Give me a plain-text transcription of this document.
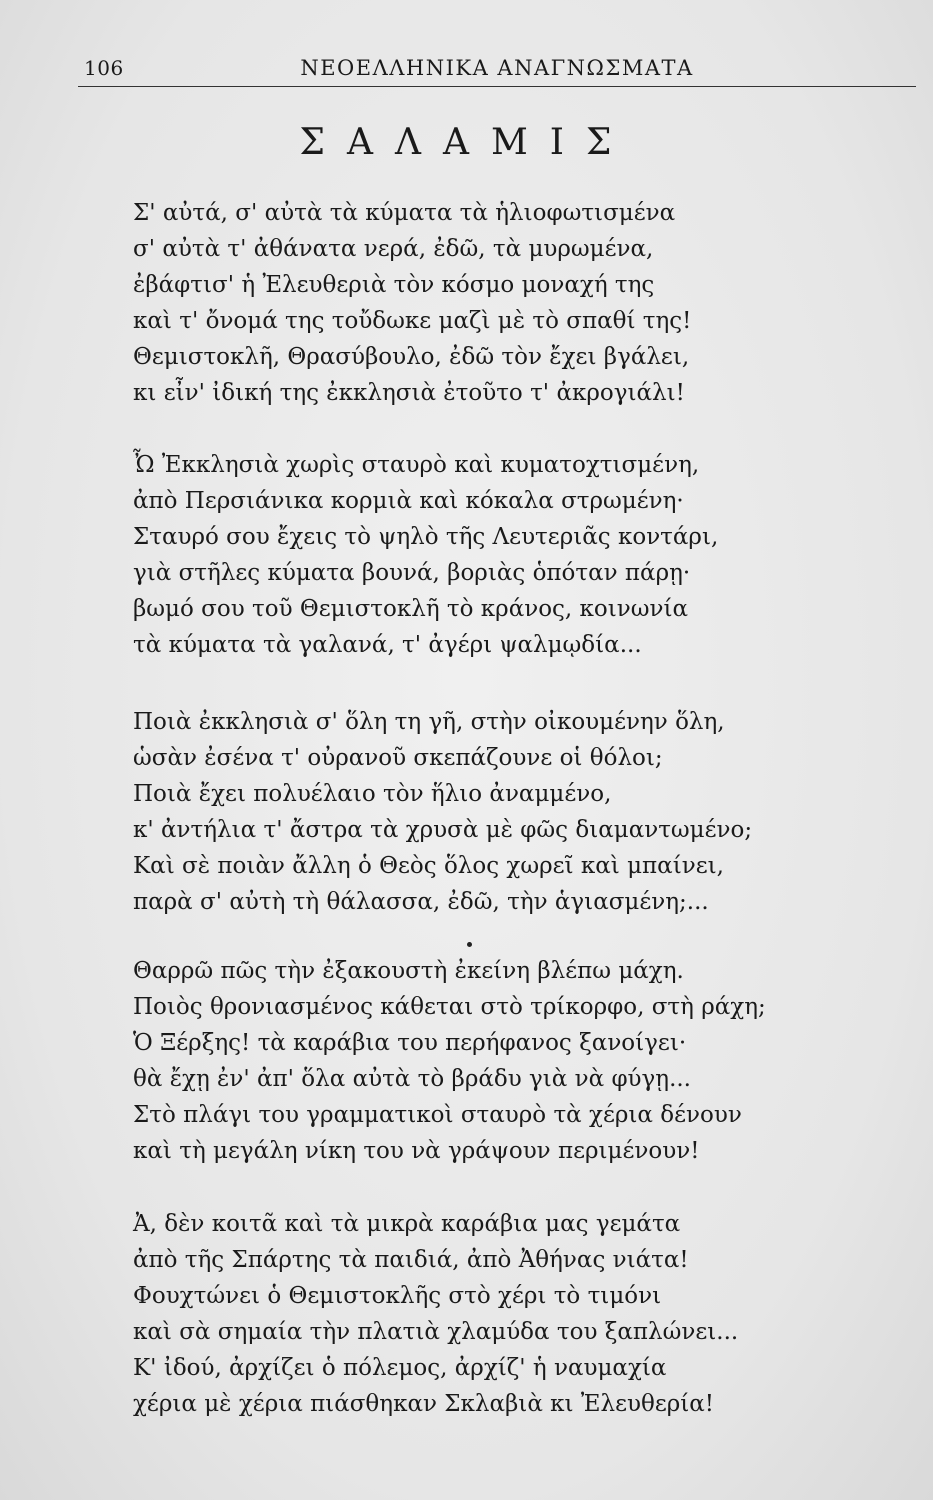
106	ΝΕΟΕΛΛΗΝΙΚΑ ΑΝΑΓΝΩΣΜΑΤΑ
ΣΑΛΑΜΙΣ
Σ' αὐτά, σ' αὐτὰ τὰ κύματα τὰ ἡλιοφωτισμένα
σ' αὐτὰ τ' ἀθάνατα νερά, ἐδῶ, τὰ μυρωμένα,
ἐβάφτισ' ἡ Ἐλευθεριὰ τὸν κόσμο μοναχή της
καὶ τ' ὄνομά της τοὔδωκε μαζὶ μὲ τὸ σπαθί της!
Θεμιστοκλῆ, Θρασύβουλο, ἐδῶ τὸν ἔχει βγάλει,
κι εἶν' ἰδική της ἐκκλησιὰ ἐτοῦτο τ' ἀκρογιάλι!
Ὦ Ἐκκλησιὰ χωρὶς σταυρὸ καὶ κυματοχτισμένη,
ἀπὸ Περσιάνικα κορμιὰ καὶ κόκαλα στρωμένη·
Σταυρό σου ἔχεις τὸ ψηλὸ τῆς Λευτεριᾶς κοντάρι,
γιὰ στῆλες κύματα βουνά, βοριὰς ὁπόταν πάρῃ·
βωμό σου τοῦ Θεμιστοκλῆ τὸ κράνος, κοινωνία
τὰ κύματα τὰ γαλανά, τ' ἀγέρι ψαλμῳδία...
Ποιὰ ἐκκλησιὰ σ' ὅλη τη γῆ, στὴν οἰκουμένην ὅλη,
ὡσὰν ἐσένα τ' οὐρανοῦ σκεπάζουνε οἱ θόλοι;
Ποιὰ ἔχει πολυέλαιο τὸν ἥλιο ἀναμμένο,
κ' ἀντήλια τ' ἄστρα τὰ χρυσὰ μὲ φῶς διαμαντωμένο;
Καὶ σὲ ποιὰν ἄλλη ὁ Θεὸς ὅλος χωρεῖ καὶ μπαίνει,
παρὰ σ' αὐτὴ τὴ θάλασσα, ἐδῶ, τὴν ἁγιασμένη;...
Θαρρῶ πῶς τὴν ἐξακουστὴ ἐκείνη βλέπω μάχη.
Ποιὸς θρονιασμένος κάθεται στὸ τρίκορφο, στὴ ράχη;
Ὁ Ξέρξης! τὰ καράβια του περήφανος ξανοίγει·
θὰ ἔχῃ ἐν' ἀπ' ὅλα αὐτὰ τὸ βράδυ γιὰ νὰ φύγῃ...
Στὸ πλάγι του γραμματικοὶ σταυρὸ τὰ χέρια δένουν
καὶ τὴ μεγάλη νίκη του νὰ γράψουν περιμένουν!
Ἀ, δὲν κοιτᾶ καὶ τὰ μικρὰ καράβια μας γεμάτα
ἀπὸ τῆς Σπάρτης τὰ παιδιά, ἀπὸ Ἀθήνας νιάτα!
Φουχτώνει ὁ Θεμιστοκλῆς στὸ χέρι τὸ τιμόνι
καὶ σὰ σημαία τὴν πλατιὰ χλαμύδα του ξαπλώνει...
Κ' ἰδού, ἀρχίζει ὁ πόλεμος, ἀρχίζ' ἡ ναυμαχία
χέρια μὲ χέρια πιάσθηκαν Σκλαβιὰ κι Ἐλευθερία!
